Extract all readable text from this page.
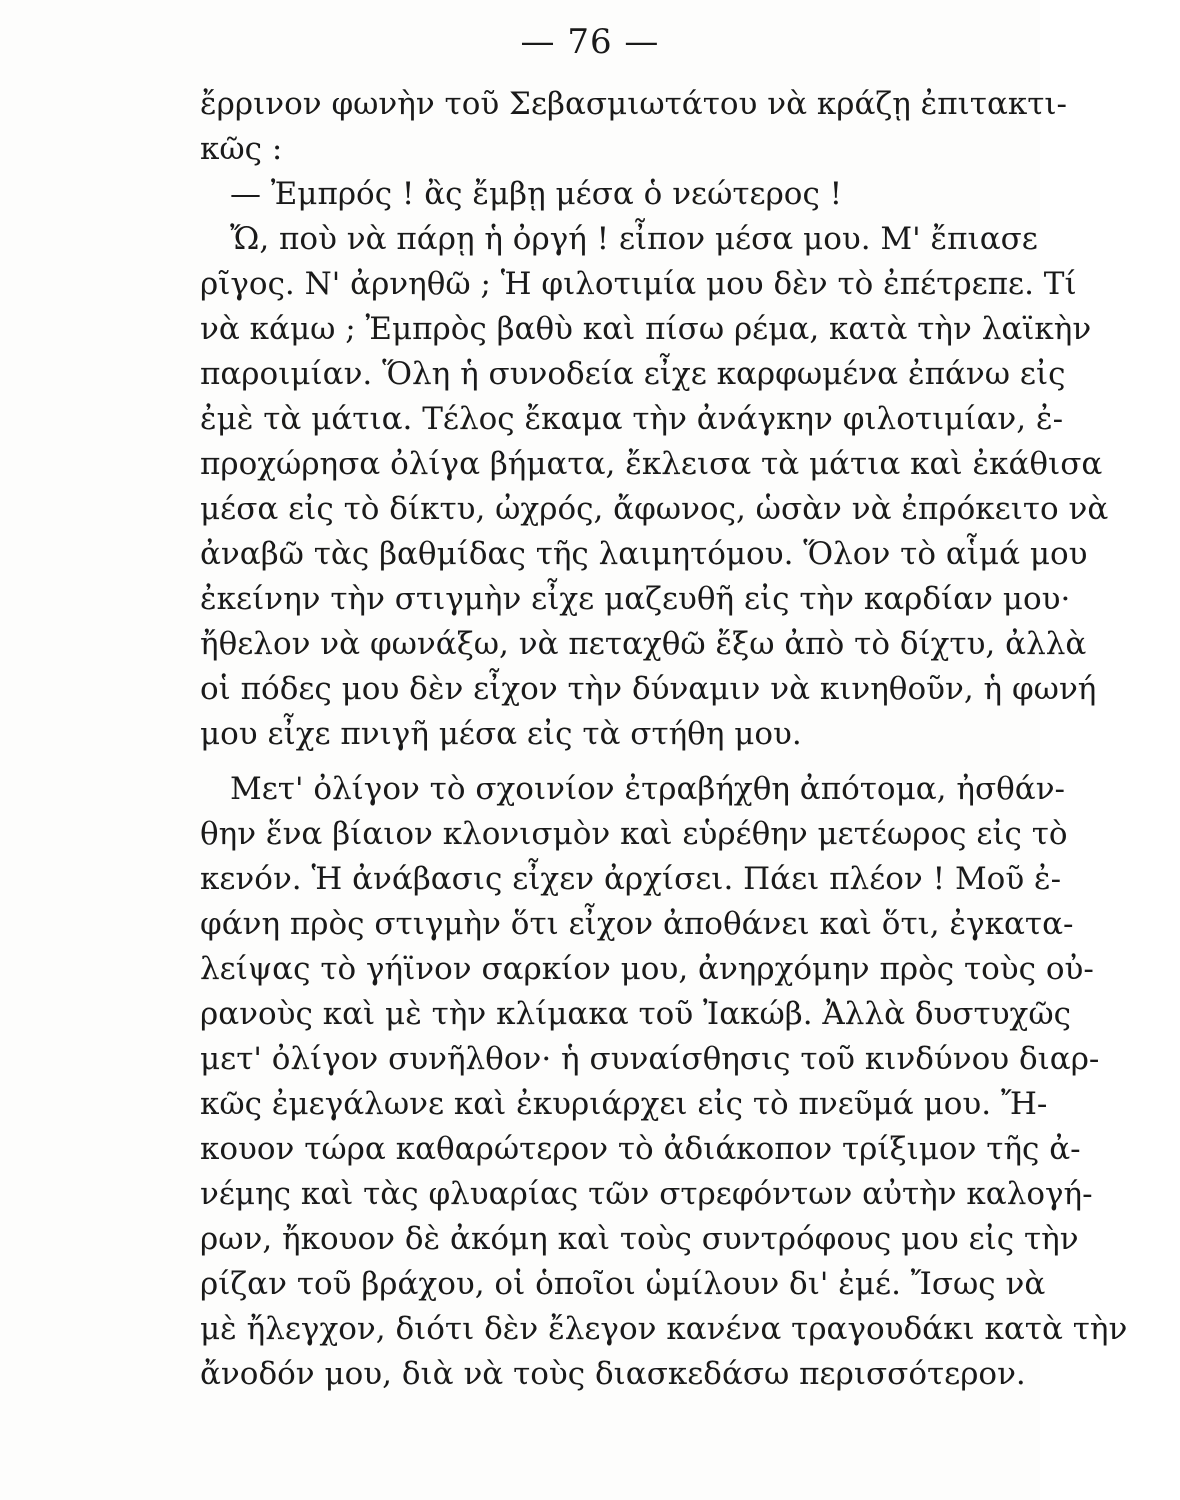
— 76 —
ἔρρινον φωνὴν τοῦ Σεβασμιωτάτου νὰ κράζῃ ἐπιτακτι-
κῶς :
— Ἐμπρός ! ἂς ἔμβῃ μέσα ὁ νεώτερος !
Ὤ, ποὺ νὰ πάρῃ ἡ ὀργή ! εἶπον μέσα μου. Μ' ἔπιασε
ρῖγος. Ν' ἀρνηθῶ ; Ἡ φιλοτιμία μου δὲν τὸ ἐπέτρεπε. Τί
νὰ κάμω ; Ἐμπρὸς βαθὺ καὶ πίσω ρέμα, κατὰ τὴν λαϊκὴν
παροιμίαν. Ὅλη ἡ συνοδεία εἶχε καρφωμένα ἐπάνω εἰς
ἐμὲ τὰ μάτια. Τέλος ἔκαμα τὴν ἀνάγκην φιλοτιμίαν, ἐ-
προχώρησα ὀλίγα βήματα, ἔκλεισα τὰ μάτια καὶ ἐκάθισα
μέσα εἰς τὸ δίκτυ, ὠχρός, ἄφωνος, ὡσὰν νὰ ἐπρόκειτο νὰ
ἀναβῶ τὰς βαθμίδας τῆς λαιμητόμου. Ὅλον τὸ αἷμά μου
ἐκείνην τὴν στιγμὴν εἶχε μαζευθῆ εἰς τὴν καρδίαν μου·
ἤθελον νὰ φωνάξω, νὰ πεταχθῶ ἔξω ἀπὸ τὸ δίχτυ, ἀλλὰ
οἱ πόδες μου δὲν εἶχον τὴν δύναμιν νὰ κινηθοῦν, ἡ φωνή
μου εἶχε πνιγῆ μέσα εἰς τὰ στήθη μου.
Μετ' ὀλίγον τὸ σχοινίον ἐτραβήχθη ἀπότομα, ἠσθάν-
θην ἕνα βίαιον κλονισμὸν καὶ εὑρέθην μετέωρος εἰς τὸ
κενόν. Ἡ ἀνάβασις εἶχεν ἀρχίσει. Πάει πλέον ! Μοῦ ἐ-
φάνη πρὸς στιγμὴν ὅτι εἶχον ἀποθάνει καὶ ὅτι, ἐγκατα-
λείψας τὸ γήϊνον σαρκίον μου, ἀνηρχόμην πρὸς τοὺς οὐ-
ρανοὺς καὶ μὲ τὴν κλίμακα τοῦ Ἰακώβ. Ἀλλὰ δυστυχῶς
μετ' ὀλίγον συνῆλθον· ἡ συναίσθησις τοῦ κινδύνου διαρ-
κῶς ἐμεγάλωνε καὶ ἐκυριάρχει εἰς τὸ πνεῦμά μου. Ἤ-
κουον τώρα καθαρώτερον τὸ ἀδιάκοπον τρίξιμον τῆς ἀ-
νέμης καὶ τὰς φλυαρίας τῶν στρεφόντων αὐτὴν καλογή-
ρων, ἤκουον δὲ ἀκόμη καὶ τοὺς συντρόφους μου εἰς τὴν
ρίζαν τοῦ βράχου, οἱ ὁποῖοι ὡμίλουν δι' ἐμέ. Ἴσως νὰ
μὲ ἤλεγχον, διότι δὲν ἔλεγον κανένα τραγουδάκι κατὰ τὴν
ἄνοδόν μου, διὰ νὰ τοὺς διασκεδάσω περισσότερον.
